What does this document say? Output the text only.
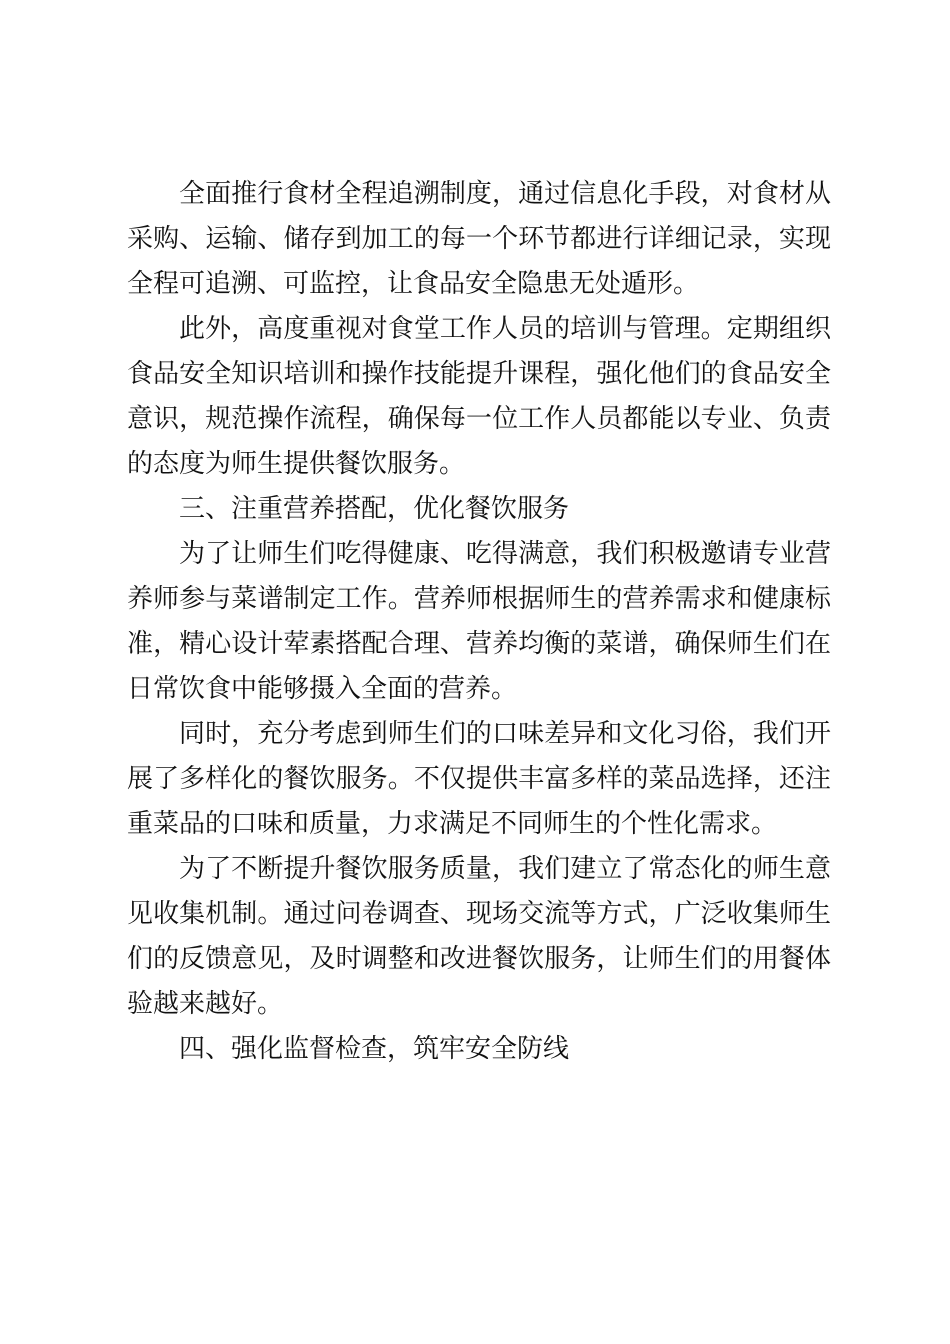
全面推行食材全程追溯制度，通过信息化手段，对食材从采购、运输、储存到加工的每一个环节都进行详细记录，实现全程可追溯、可监控，让食品安全隐患无处遁形。

此外，高度重视对食堂工作人员的培训与管理。定期组织食品安全知识培训和操作技能提升课程，强化他们的食品安全意识，规范操作流程，确保每一位工作人员都能以专业、负责的态度为师生提供餐饮服务。

三、注重营养搭配，优化餐饮服务

为了让师生们吃得健康、吃得满意，我们积极邀请专业营养师参与菜谱制定工作。营养师根据师生的营养需求和健康标准，精心设计荤素搭配合理、营养均衡的菜谱，确保师生们在日常饮食中能够摄入全面的营养。

同时，充分考虑到师生们的口味差异和文化习俗，我们开展了多样化的餐饮服务。不仅提供丰富多样的菜品选择，还注重菜品的口味和质量，力求满足不同师生的个性化需求。

为了不断提升餐饮服务质量，我们建立了常态化的师生意见收集机制。通过问卷调查、现场交流等方式，广泛收集师生们的反馈意见，及时调整和改进餐饮服务，让师生们的用餐体验越来越好。

四、强化监督检查，筑牢安全防线
